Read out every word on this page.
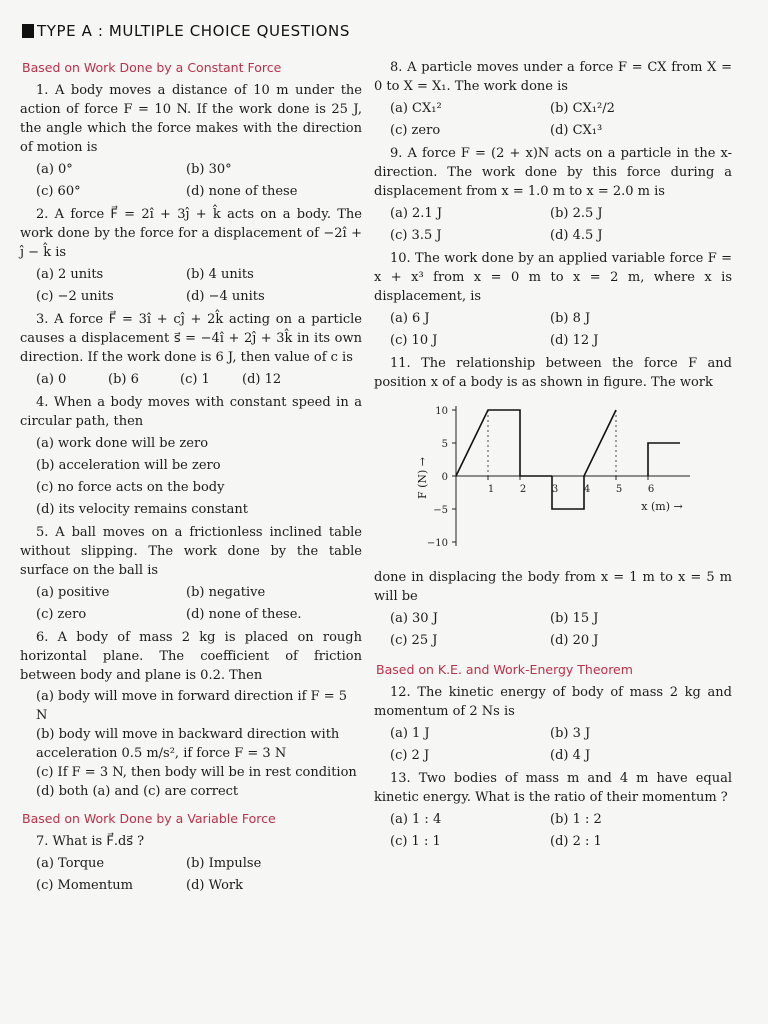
TYPE A : MULTIPLE CHOICE QUESTIONS
Based on Work Done by a Constant Force
1. A body moves a distance of 10 m under the action of force F = 10 N. If the work done is 25 J, the angle which the force makes with the direction of motion is
(a) 0°	(b) 30°
(c) 60°	(d) none of these
2. A force F⃗ = 2î + 3ĵ + k̂ acts on a body. The work done by the force for a displacement of −2î + ĵ − k̂ is
(a) 2 units	(b) 4 units
(c) −2 units	(d) −4 units
3. A force F⃗ = 3î + cĵ + 2k̂ acting on a particle causes a displacement s⃗ = −4î + 2ĵ + 3k̂ in its own direction. If the work done is 6 J, then value of c is
(a) 0	(b) 6	(c) 1	(d) 12
4. When a body moves with constant speed in a circular path, then
(a) work done will be zero
(b) acceleration will be zero
(c) no force acts on the body
(d) its velocity remains constant
5. A ball moves on a frictionless inclined table without slipping. The work done by the table surface on the ball is
(a) positive	(b) negative
(c) zero	(d) none of these.
6. A body of mass 2 kg is placed on rough horizontal plane. The coefficient of friction between body and plane is 0.2. Then
(a) body will move in forward direction if F = 5 N
(b) body will move in backward direction with acceleration 0.5 m/s², if force F = 3 N
(c) If F = 3 N, then body will be in rest condition
(d) both (a) and (c) are correct
Based on Work Done by a Variable Force
7. What is F⃗.ds⃗ ?
(a) Torque	(b) Impulse
(c) Momentum	(d) Work
8. A particle moves under a force F = CX from X = 0 to X = X₁. The work done is
(a) CX₁²	(b) CX₁²/2
(c) zero	(d) CX₁³
9. A force F = (2 + x)N acts on a particle in the x-direction. The work done by this force during a displacement from x = 1.0 m to x = 2.0 m is
(a) 2.1 J	(b) 2.5 J
(c) 3.5 J	(d) 4.5 J
10. The work done by an applied variable force F = x + x³ from x = 0 m to x = 2 m, where x is displacement, is
(a) 6 J	(b) 8 J
(c) 10 J	(d) 12 J
11. The relationship between the force F and position x of a body is as shown in figure. The work
10
5
0
−5
−10
1	2	3	4	5	6
F (N) →
x (m) →
done in displacing the body from x = 1 m to x = 5 m will be
(a) 30 J	(b) 15 J
(c) 25 J	(d) 20 J
Based on K.E. and Work-Energy Theorem
12. The kinetic energy of body of mass 2 kg and momentum of 2 Ns is
(a) 1 J	(b) 3 J
(c) 2 J	(d) 4 J
13. Two bodies of mass m and 4 m have equal kinetic energy. What is the ratio of their momentum ?
(a) 1 : 4	(b) 1 : 2
(c) 1 : 1	(d) 2 : 1
